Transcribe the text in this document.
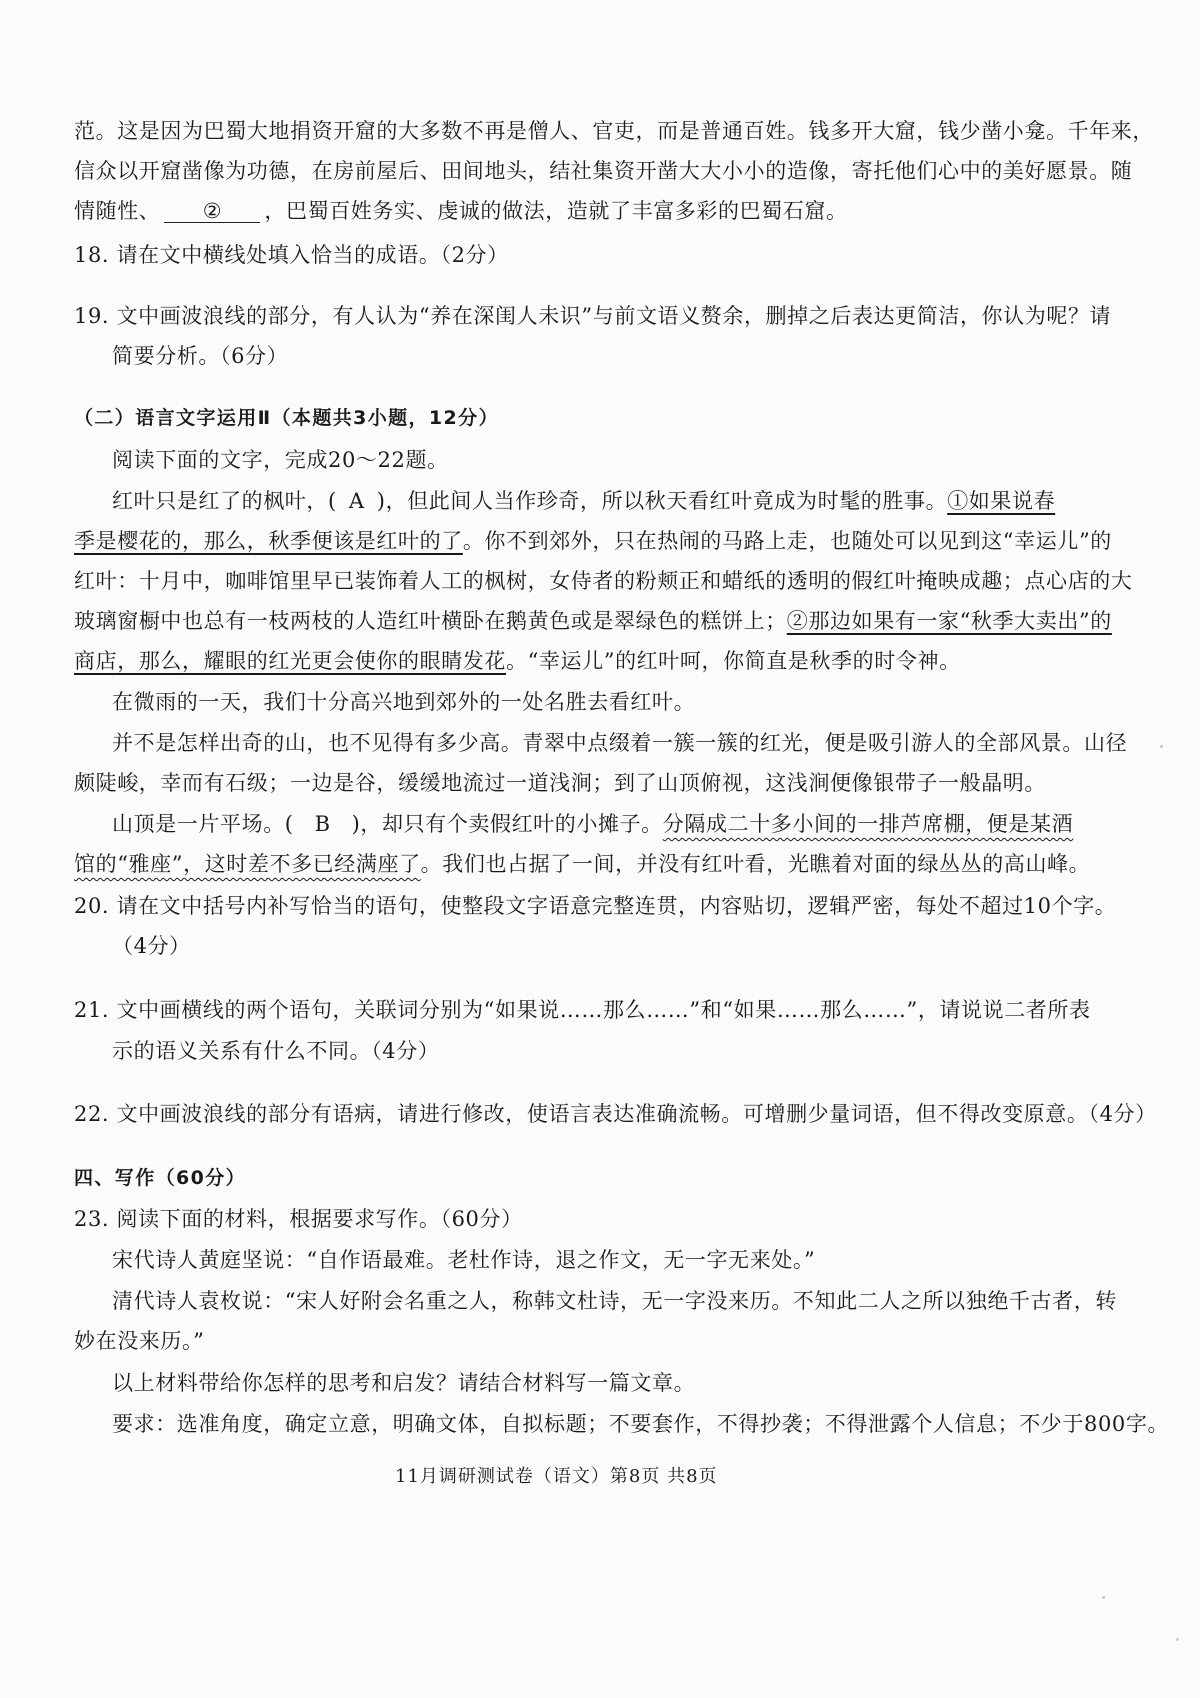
范。这是因为巴蜀大地捐资开窟的大多数不再是僧人、官吏，而是普通百姓。钱多开大窟，钱少凿小龛。千年来，
信众以开窟凿像为功德，在房前屋后、田间地头，结社集资开凿大大小小的造像，寄托他们心中的美好愿景。随
情随性、 ② ，巴蜀百姓务实、虔诚的做法，造就了丰富多彩的巴蜀石窟。
18. 请在文中横线处填入恰当的成语。（2分）
19. 文中画波浪线的部分，有人认为“养在深闺人未识”与前文语义赘余，删掉之后表达更简洁，你认为呢？请
简要分析。（6分）
（二）语言文字运用Ⅱ（本题共3小题，12分）
阅读下面的文字，完成20～22题。
红叶只是红了的枫叶，( A )，但此间人当作珍奇，所以秋天看红叶竟成为时髦的胜事。①如果说春
季是樱花的，那么，秋季便该是红叶的了。你不到郊外，只在热闹的马路上走，也随处可以见到这“幸运儿”的
红叶：十月中，咖啡馆里早已装饰着人工的枫树，女侍者的粉颊正和蜡纸的透明的假红叶掩映成趣；点心店的大
玻璃窗橱中也总有一枝两枝的人造红叶横卧在鹅黄色或是翠绿色的糕饼上；②那边如果有一家“秋季大卖出”的
商店，那么，耀眼的红光更会使你的眼睛发花。“幸运儿”的红叶呵，你简直是秋季的时令神。
在微雨的一天，我们十分高兴地到郊外的一处名胜去看红叶。
并不是怎样出奇的山，也不见得有多少高。青翠中点缀着一簇一簇的红光，便是吸引游人的全部风景。山径
颇陡峻，幸而有石级；一边是谷，缓缓地流过一道浅涧；到了山顶俯视，这浅涧便像银带子一般晶明。
山顶是一片平场。( B )，却只有个卖假红叶的小摊子。分隔成二十多小间的一排芦席棚，便是某酒
馆的“雅座”，这时差不多已经满座了。我们也占据了一间，并没有红叶看，光瞧着对面的绿丛丛的高山峰。
20. 请在文中括号内补写恰当的语句，使整段文字语意完整连贯，内容贴切，逻辑严密，每处不超过10个字。
（4分）
21. 文中画横线的两个语句，关联词分别为“如果说……那么……”和“如果……那么……”，请说说二者所表
示的语义关系有什么不同。（4分）
22. 文中画波浪线的部分有语病，请进行修改，使语言表达准确流畅。可增删少量词语，但不得改变原意。（4分）
四、写作（60分）
23. 阅读下面的材料，根据要求写作。（60分）
宋代诗人黄庭坚说：“自作语最难。老杜作诗，退之作文，无一字无来处。”
清代诗人袁枚说：“宋人好附会名重之人，称韩文杜诗，无一字没来历。不知此二人之所以独绝千古者，转
妙在没来历。”
以上材料带给你怎样的思考和启发？请结合材料写一篇文章。
要求：选准角度，确定立意，明确文体，自拟标题；不要套作，不得抄袭；不得泄露个人信息；不少于800字。
11月调研测试卷（语文）第8页 共8页
